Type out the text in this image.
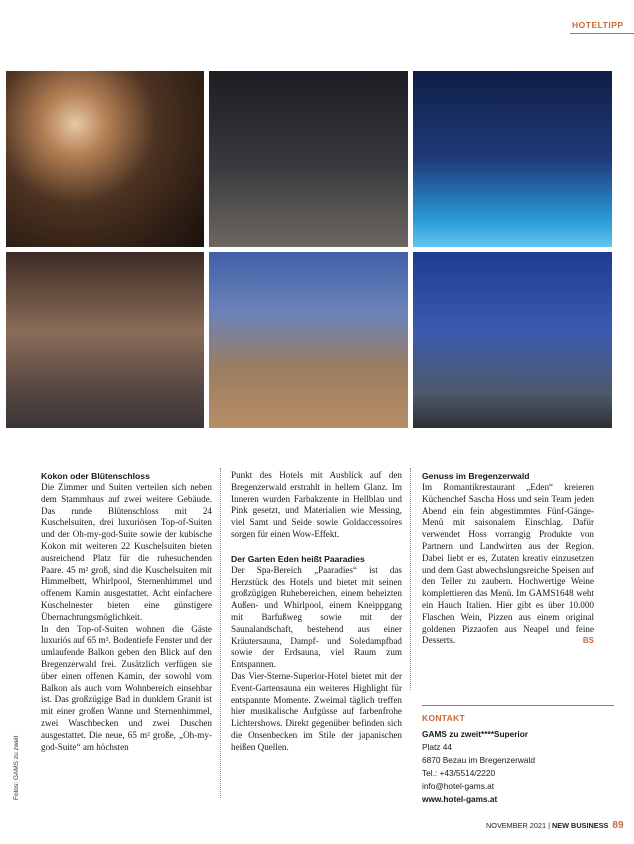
HOTELTIPP

Kokon oder Blütenschloss

Die Zimmer und Suiten verteilen sich neben dem Stammhaus auf zwei weitere Gebäude. Das runde Blütenschloss mit 24 Kuschelsuiten, drei luxuriösen Top-of-Suiten und der Oh-my-god-Suite sowie der kubische Kokon mit weiteren 22 Kuschelsuiten bieten ausreichend Platz für die ruhesuchenden Paare. 45 m² groß, sind die Kuschelsuiten mit Himmelbett, Whirlpool, Sternenhimmel und offenem Kamin ausgestattet. Acht einfachere Kuschelnester bieten eine günstigere Übernachtungsmöglichkeit.

In den Top-of-Suiten wohnen die Gäste luxuriös auf 65 m². Bodentiefe Fenster und der umlaufende Balkon geben den Blick auf den Bregenzerwald frei. Zusätzlich verfügen sie über einen offenen Kamin, der sowohl vom Balkon als auch vom Wohnbereich einsehbar ist. Das großzügige Bad in dunklem Granit ist mit einer großen Wanne und Sternenhimmel, zwei Waschbecken und zwei Duschen ausgestattet. Die neue, 65 m² große, „Oh-my-god-Suite“ am höchsten

Punkt des Hotels mit Ausblick auf den Bregenzerwald erstrahlt in hellem Glanz. Im Inneren wurden Farbakzente in Hellblau und Pink gesetzt, und Materialien wie Messing, viel Samt und Seide sowie Goldaccessoires sorgen für einen Wow-Effekt.

Der Garten Eden heißt Paaradies

Der Spa-Bereich „Paaradies“ ist das Herzstück des Hotels und bietet mit seinen großzügigen Ruhebereichen, einem beheizten Außen- und Whirlpool, einem Kneippgang mit Barfußweg sowie mit der Saunalandschaft, bestehend aus einer Kräutersauna, Dampf- und Soledampfbad sowie der Erdsauna, viel Raum zum Entspannen.

Das Vier-Sterne-Superior-Hotel bietet mit der Event-Gartensauna ein weiteres Highlight für entspannte Momente. Zweimal täglich treffen hier musikalische Aufgüsse auf farbenfrohe Lichtershows. Direkt gegenüber befinden sich die Onsenbecken im Stile der japanischen heißen Quellen.

Genuss im Bregenzerwald

Im Romantikrestaurant „Eden“ kreieren Küchenchef Sascha Hoss und sein Team jeden Abend ein fein abgestimmtes Fünf-Gänge-Menü mit saisonalem Einschlag. Dafür verwendet Hoss vorrangig Produkte von Partnern und Landwirten aus der Region. Dabei liebt er es, Zutaten kreativ einzusetzen und dem Gast abwechslungsreiche Speisen auf den Teller zu zaubern. Hochwertige Weine komplettieren das Menü. Im GAMS1648 weht ein Hauch Italien. Hier gibt es über 10.000 Flaschen Wein, Pizzen aus einem original goldenen Pizzaofen aus Neapel und feine Desserts.	BS

Fotos: GAMS zu zweit
KONTAKT
GAMS zu zweit****Superior
Platz 44
6870 Bezau im Bregenzerwald
Tel.: +43/5514/2220
info@hotel-gams.at
www.hotel-gams.at
NOVEMBER 2021 | NEW BUSINESS 89
